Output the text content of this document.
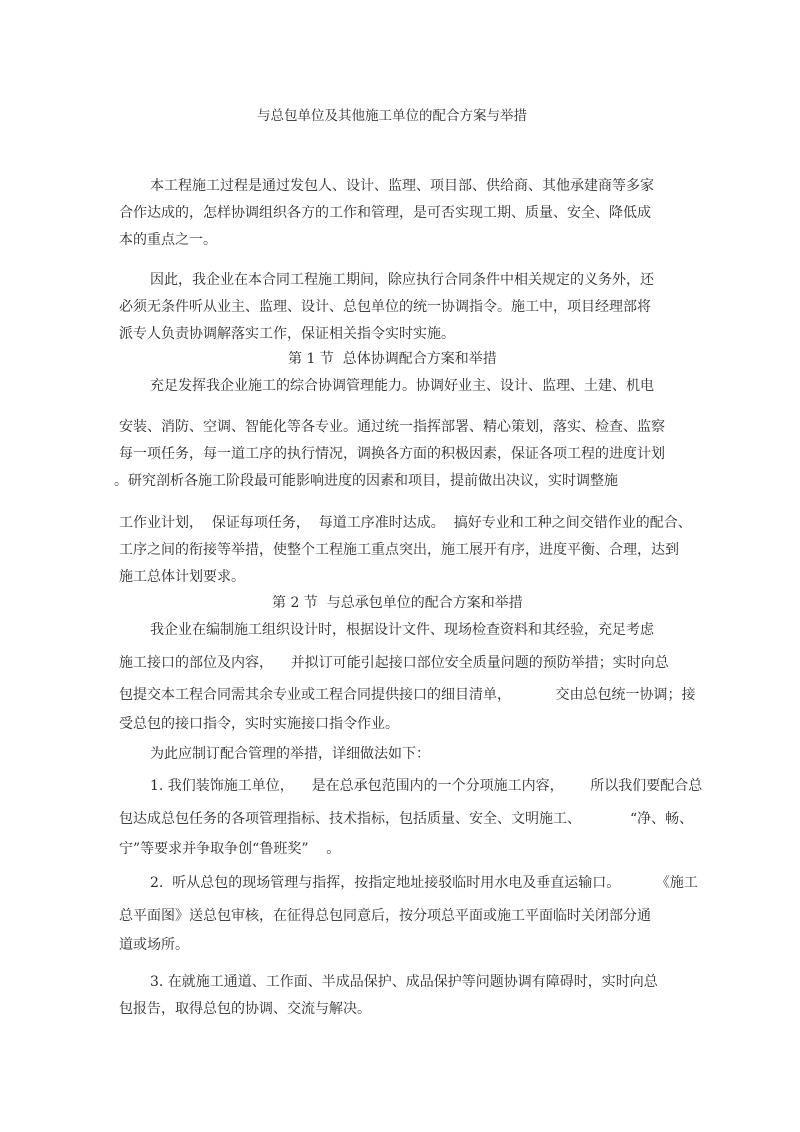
与总包单位及其他施工单位的配合方案与举措
本工程施工过程是通过发包人、设计、监理、项目部、供给商、其他承建商等多家
合作达成的，怎样协调组织各方的工作和管理，是可否实现工期、质量、安全、降低成
本的重点之一。
因此，我企业在本合同工程施工期间，除应执行合同条件中相关规定的义务外，还
必须无条件听从业主、监理、设计、总包单位的统一协调指令。施工中，项目经理部将
派专人负责协调解落实工作，保证相关指令实时实施。
第 1 节  总体协调配合方案和举措
充足发挥我企业施工的综合协调管理能力。协调好业主、设计、监理、土建、机电
安装、消防、空调、智能化等各专业。通过统一指挥部署、精心策划，落实、检查、监察
每一项任务，每一道工序的执行情况，调换各方面的积极因素，保证各项工程的进度计划
。研究剖析各施工阶段最可能影响进度的因素和项目，提前做出决议，实时调整施
工作业计划，  保证每项任务，  每道工序准时达成。  搞好专业和工种之间交错作业的配合、
工序之间的衔接等举措，使整个工程施工重点突出，施工展开有序，进度平衡、合理，达到
施工总体计划要求。
第 2 节  与总承包单位的配合方案和举措
我企业在编制施工组织设计时，根据设计文件、现场检查资料和其经验，充足考虑
施工接口的部位及内容，    并拟订可能引起接口部位安全质量问题的预防举措；实时向总
包提交本工程合同需其余专业或工程合同提供接口的细目清单，          交由总包统一协调；接
受总包的接口指令，实时实施接口指令作业。
为此应制订配合管理的举措，详细做法如下：
1. 我们装饰施工单位，    是在总承包范围内的一个分项施工内容，      所以我们要配合总
包达成总包任务的各项管理指标、技术指标，包括质量、安全、文明施工、           “净、畅、
宁”等要求并争取争创“鲁班奖”    。
2.  听从总包的现场管理与指挥，按指定地址接驳临时用水电及垂直运输口。        《施工
总平面图》送总包审核，在征得总包同意后，按分项总平面或施工平面临时关闭部分通
道或场所。
3. 在就施工通道、工作面、半成品保护、成品保护等问题协调有障碍时，实时向总
包报告，取得总包的协调、交流与解决。
